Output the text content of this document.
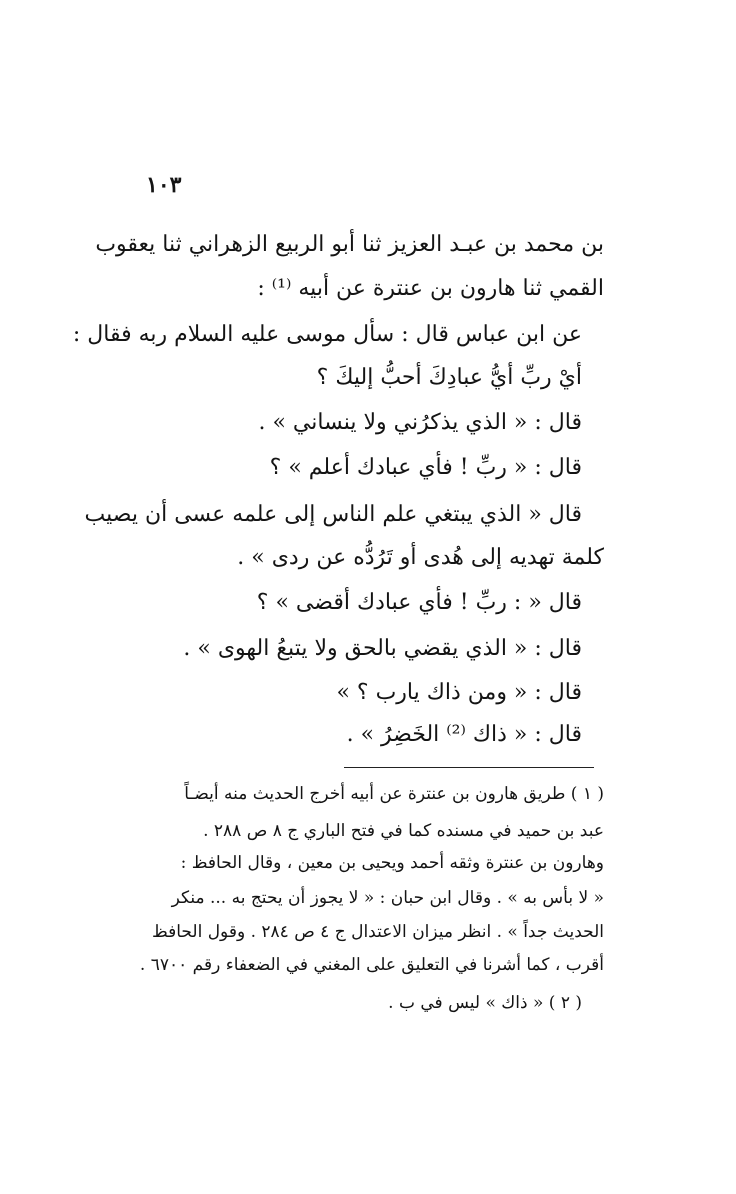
١٠٣
بن محمد بن عبـد العزيز ثنا أبو الربيع الزهراني ثنا يعقوب
القمي ثنا هارون بن عنترة عن أبيه ⁽¹⁾ :
عن ابن عباس قال : سأل موسى عليه السلام ربه فقال :
أيْ ربِّ أيُّ عبادِكَ أحبُّ إليكَ ؟
قال : « الذي يذكرُني ولا ينساني » .
قال : « ربِّ ! فأي عبادك أعلم » ؟
قال « الذي يبتغي علم الناس إلى علمه عسى أن يصيب
كلمة تهديه إلى هُدى أو تَرُدُّه عن ردى » .
قال « : ربِّ ! فأي عبادك أقضى » ؟
قال : « الذي يقضي بالحق ولا يتبعُ الهوى » .
قال : « ومن ذاك يارب ؟ »
قال : « ذاك ⁽²⁾ الخَضِرُ » .
( ١ ) طريق هارون بن عنترة عن أبيه أخرج الحديث منه أيضـاً
عبد بن حميد في مسنده كما في فتح الباري ج ٨ ص ٢٨٨ .
وهارون بن عنترة وثقه أحمد ويحيى بن معين ، وقال الحافظ :
« لا بأس به » . وقال ابن حبان : « لا يجوز أن يحتج به ... منكر
الحديث جداً » . انظر ميزان الاعتدال ج ٤ ص ٢٨٤ . وقول الحافظ
أقرب ، كما أشرنا في التعليق على المغني في الضعفاء رقم ٦٧٠٠ .
( ٢ ) « ذاك » ليس في ب .
